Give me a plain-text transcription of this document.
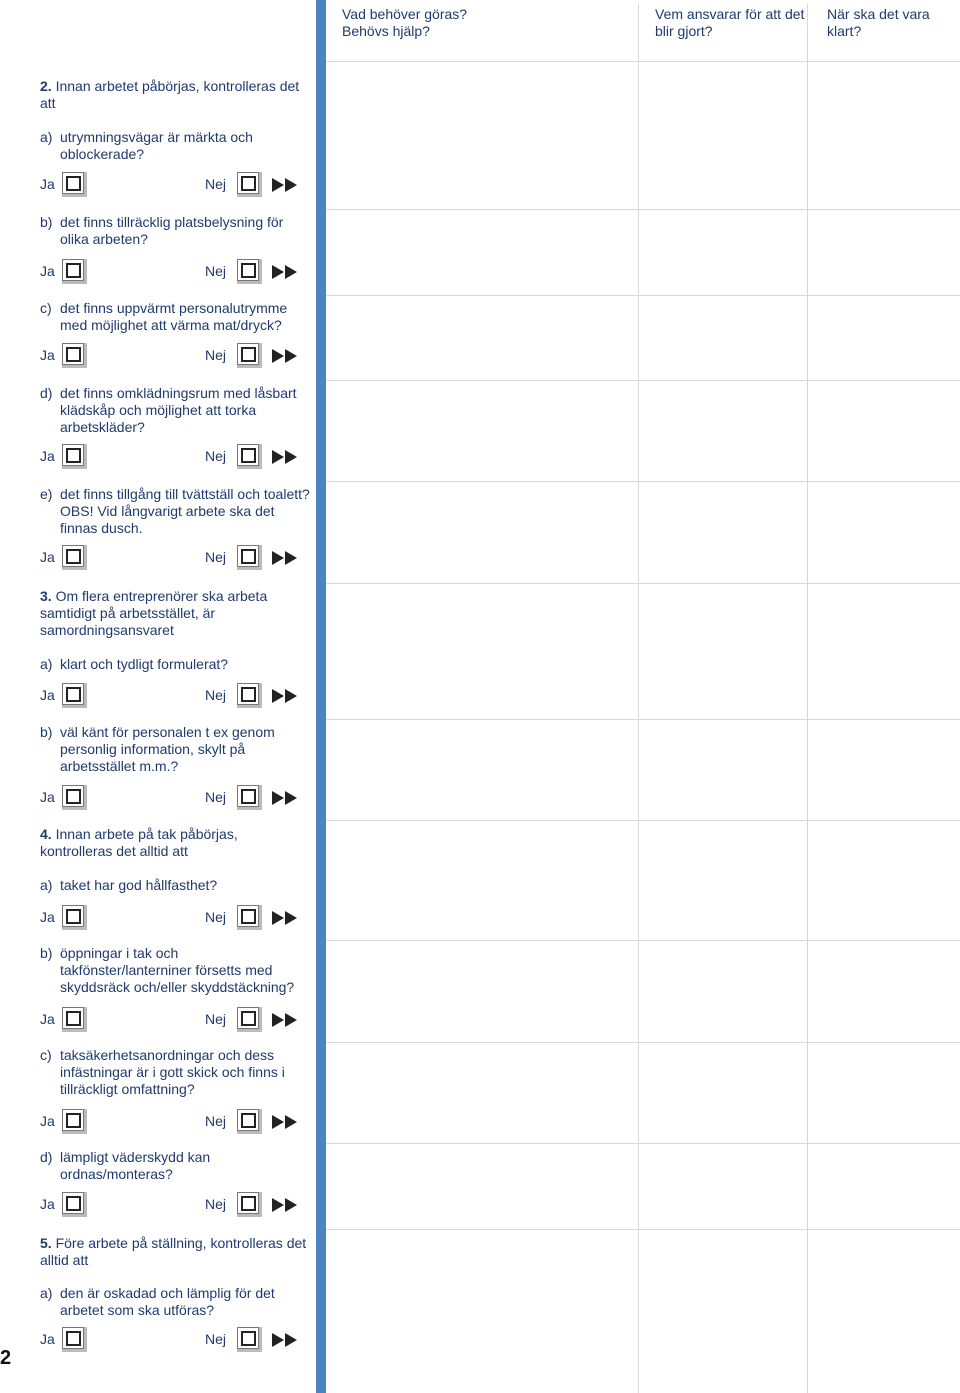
2
Vad behöver göras? Behövs hjälp?
Vem ansvarar för att det blir gjort?
När ska det vara klart?
2. Innan arbetet påbörjas, kontrolleras det att
a) utrymningsvägar är märkta och oblockerade?
Ja	Nej
b) det finns tillräcklig platsbelysning för olika arbeten?
Ja	Nej
c) det finns uppvärmt personalutrymme med möjlighet att värma mat/dryck?
Ja	Nej
d) det finns omklädningsrum med låsbart klädskåp och möjlighet att torka arbetskläder?
Ja	Nej
e) det finns tillgång till tvättställ och toalett? OBS! Vid långvarigt arbete ska det finnas dusch.
Ja	Nej
3. Om flera entreprenörer ska arbeta samtidigt på arbetsstället, är samordningsansvaret
a) klart och tydligt formulerat?
Ja	Nej
b) väl känt för personalen t ex genom personlig information, skylt på arbetsstället m.m.?
Ja	Nej
4. Innan arbete på tak påbörjas, kontrolleras det alltid att
a) taket har god hållfasthet?
Ja	Nej
b) öppningar i tak och takfönster/lanterniner försetts med skyddsräck och/eller skyddstäckning?
Ja	Nej
c) taksäkerhetsanordningar och dess infästningar är i gott skick och finns i tillräckligt omfattning?
Ja	Nej
d) lämpligt väderskydd kan ordnas/monteras?
Ja	Nej
5. Före arbete på ställning, kontrolleras det alltid att
a) den är oskadad och lämplig för det arbetet som ska utföras?
Ja	Nej
